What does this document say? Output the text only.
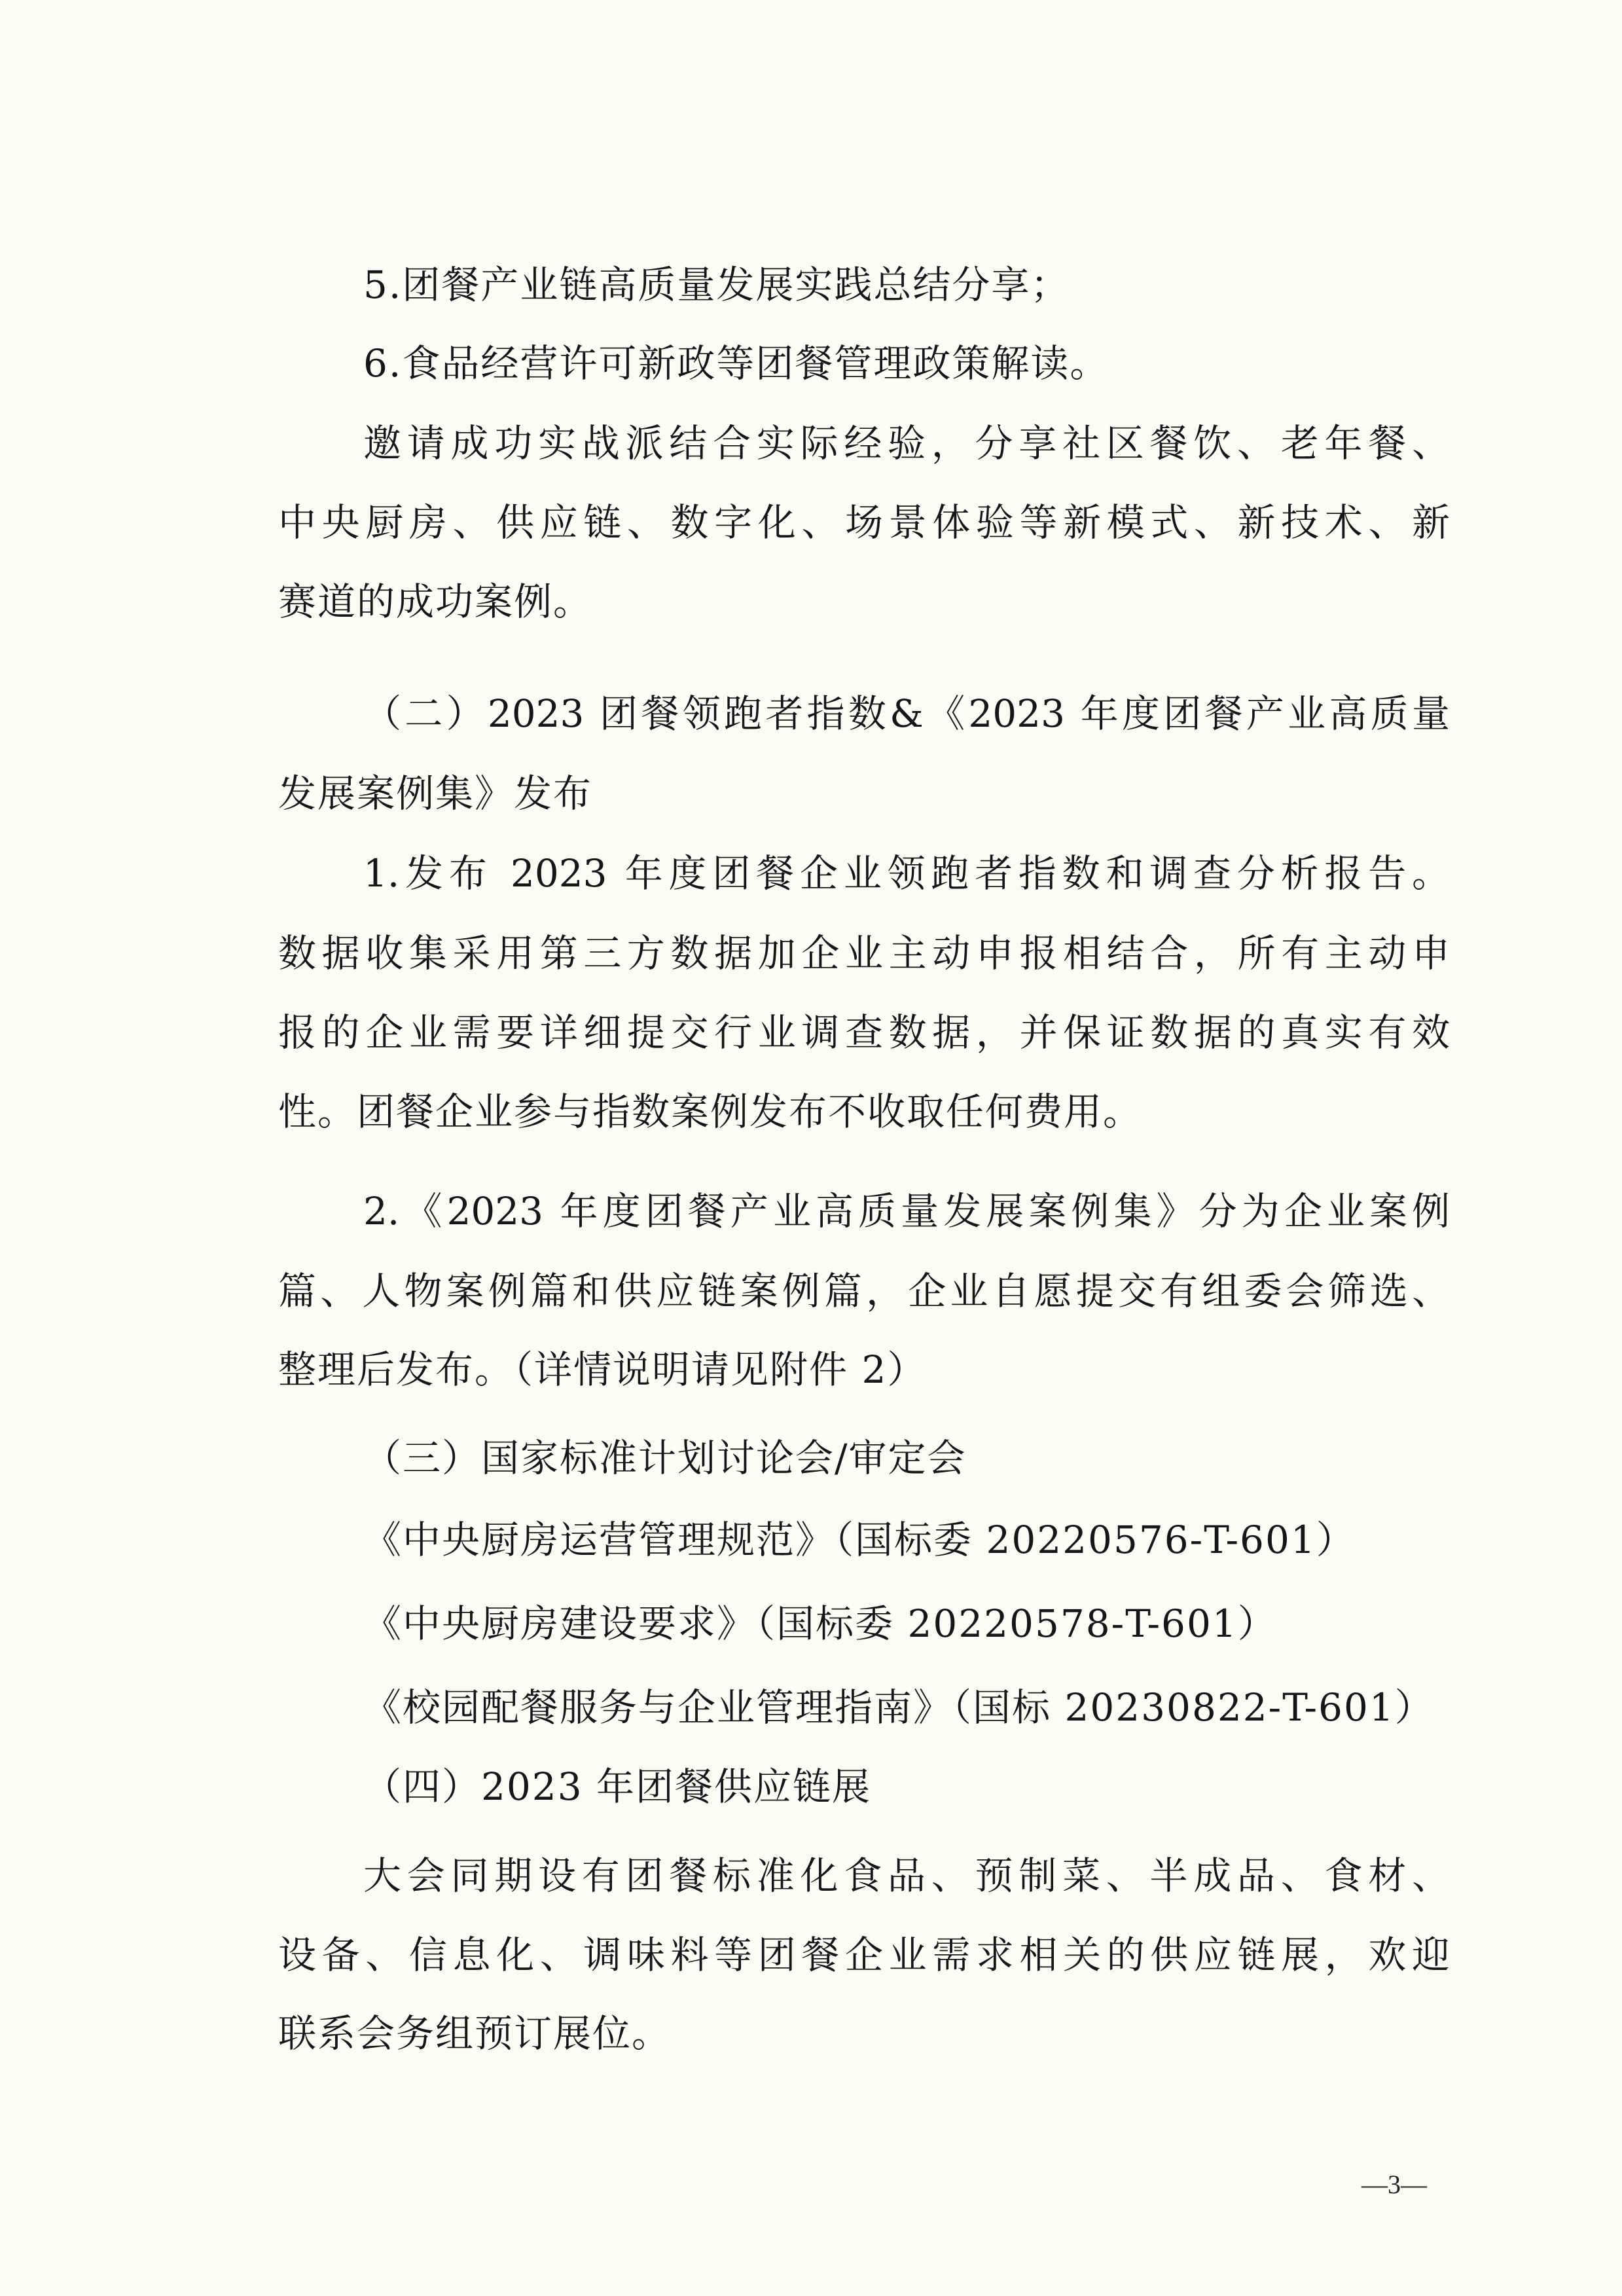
5.团餐产业链高质量发展实践总结分享；
6.食品经营许可新政等团餐管理政策解读。
邀请成功实战派结合实际经验，分享社区餐饮、老年餐、
中央厨房、供应链、数字化、场景体验等新模式、新技术、新
赛道的成功案例。
（二）2023 团餐领跑者指数&《2023 年度团餐产业高质量
发展案例集》发布
1.发布 2023 年度团餐企业领跑者指数和调查分析报告。
数据收集采用第三方数据加企业主动申报相结合，所有主动申
报的企业需要详细提交行业调查数据，并保证数据的真实有效
性。团餐企业参与指数案例发布不收取任何费用。
2.《2023 年度团餐产业高质量发展案例集》分为企业案例
篇、人物案例篇和供应链案例篇，企业自愿提交有组委会筛选、
整理后发布。（详情说明请见附件 2）
（三）国家标准计划讨论会/审定会
《中央厨房运营管理规范》（国标委 20220576-T-601）
《中央厨房建设要求》（国标委 20220578-T-601）
《校园配餐服务与企业管理指南》（国标 20230822-T-601）
（四）2023 年团餐供应链展
大会同期设有团餐标准化食品、预制菜、半成品、食材、
设备、信息化、调味料等团餐企业需求相关的供应链展，欢迎
联系会务组预订展位。
—3—
